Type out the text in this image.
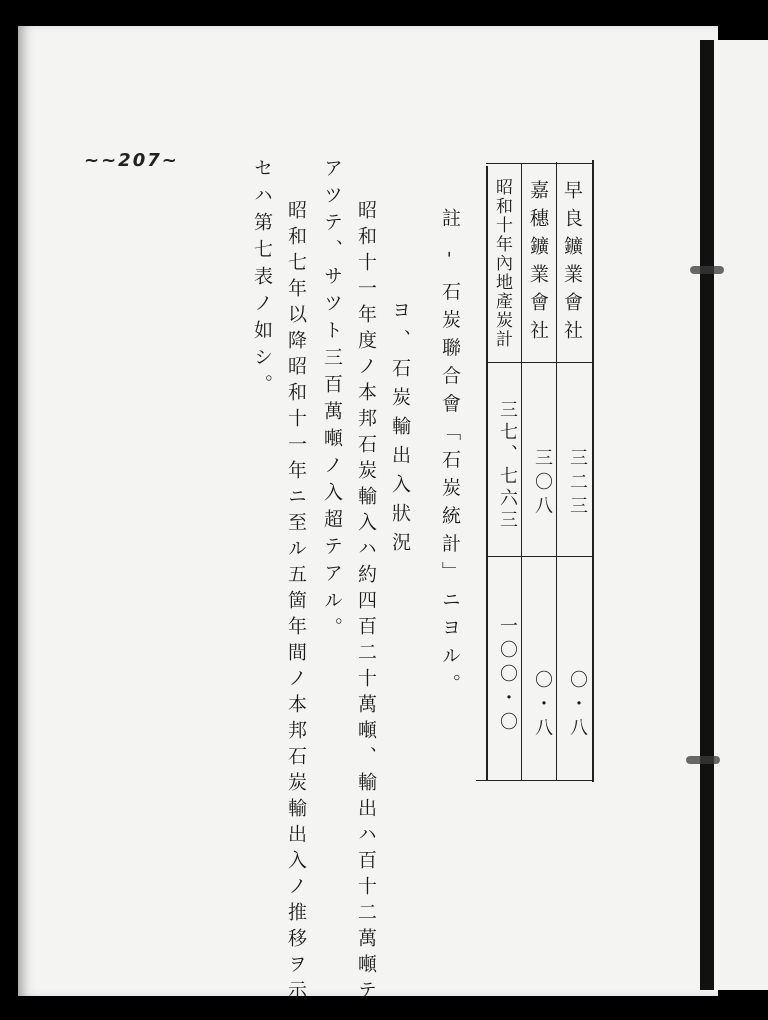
~~207~
早良鑛業會社
嘉穗鑛業會社
昭和十年內地產炭計
三二三
三〇八
三七、七六三
〇・八
〇・八
一〇〇・〇
註 - 石炭聯合會「石炭統計」ニヨル。
ヨ、石炭輸出入狀況
昭和十一年度ノ本邦石炭輸入ハ約四百二十萬噸、輸出ハ百十二萬噸テ
アツテ、サツト三百萬噸ノ入超テアル。
昭和七年以降昭和十一年ニ至ル五箇年間ノ本邦石炭輸出入ノ推移ヲ示
セハ第七表ノ如シ。
